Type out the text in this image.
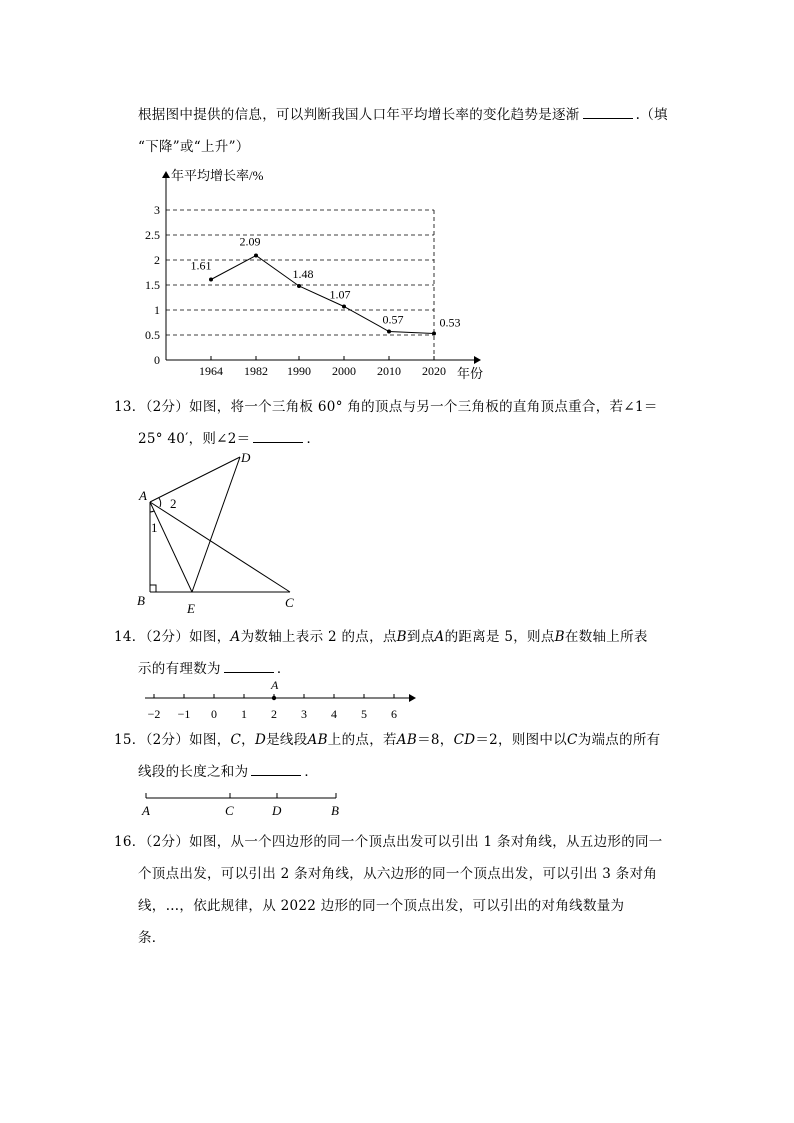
根据图中提供的信息，可以判断我国人口年平均增长率的变化趋势是逐渐	.（填
“下降”或“上升”）
0
0.5
1
1.5
2
2.5
3
1964 1982 1990 2000 2010 2020
1.61
2.09
1.48
1.07
0.57	0.53
年平均增长率/%
年份
13．（2分）如图，将一个三角板 60° 角的顶点与另一个三角板的直角顶点重合，若∠1＝
25° 40′，则∠2＝	．
A
B	C
D
E
1
2
14．（2分）如图，A为数轴上表示 2 的点，点B到点A的距离是 5，则点B在数轴上所表
示的有理数为	．
−2 −1 0 1 2 3 4 5 6
A
15．（2分）如图，C，D是线段AB上的点，若AB＝8，CD＝2，则图中以C为端点的所有
线段的长度之和为	．
A	C	D	B
16．（2分）如图，从一个四边形的同一个顶点出发可以引出 1 条对角线，从五边形的同一
个顶点出发，可以引出 2 条对角线，从六边形的同一个顶点出发，可以引出 3 条对角
线，…，依此规律，从 2022 边形的同一个顶点出发，可以引出的对角线数量为
条．
